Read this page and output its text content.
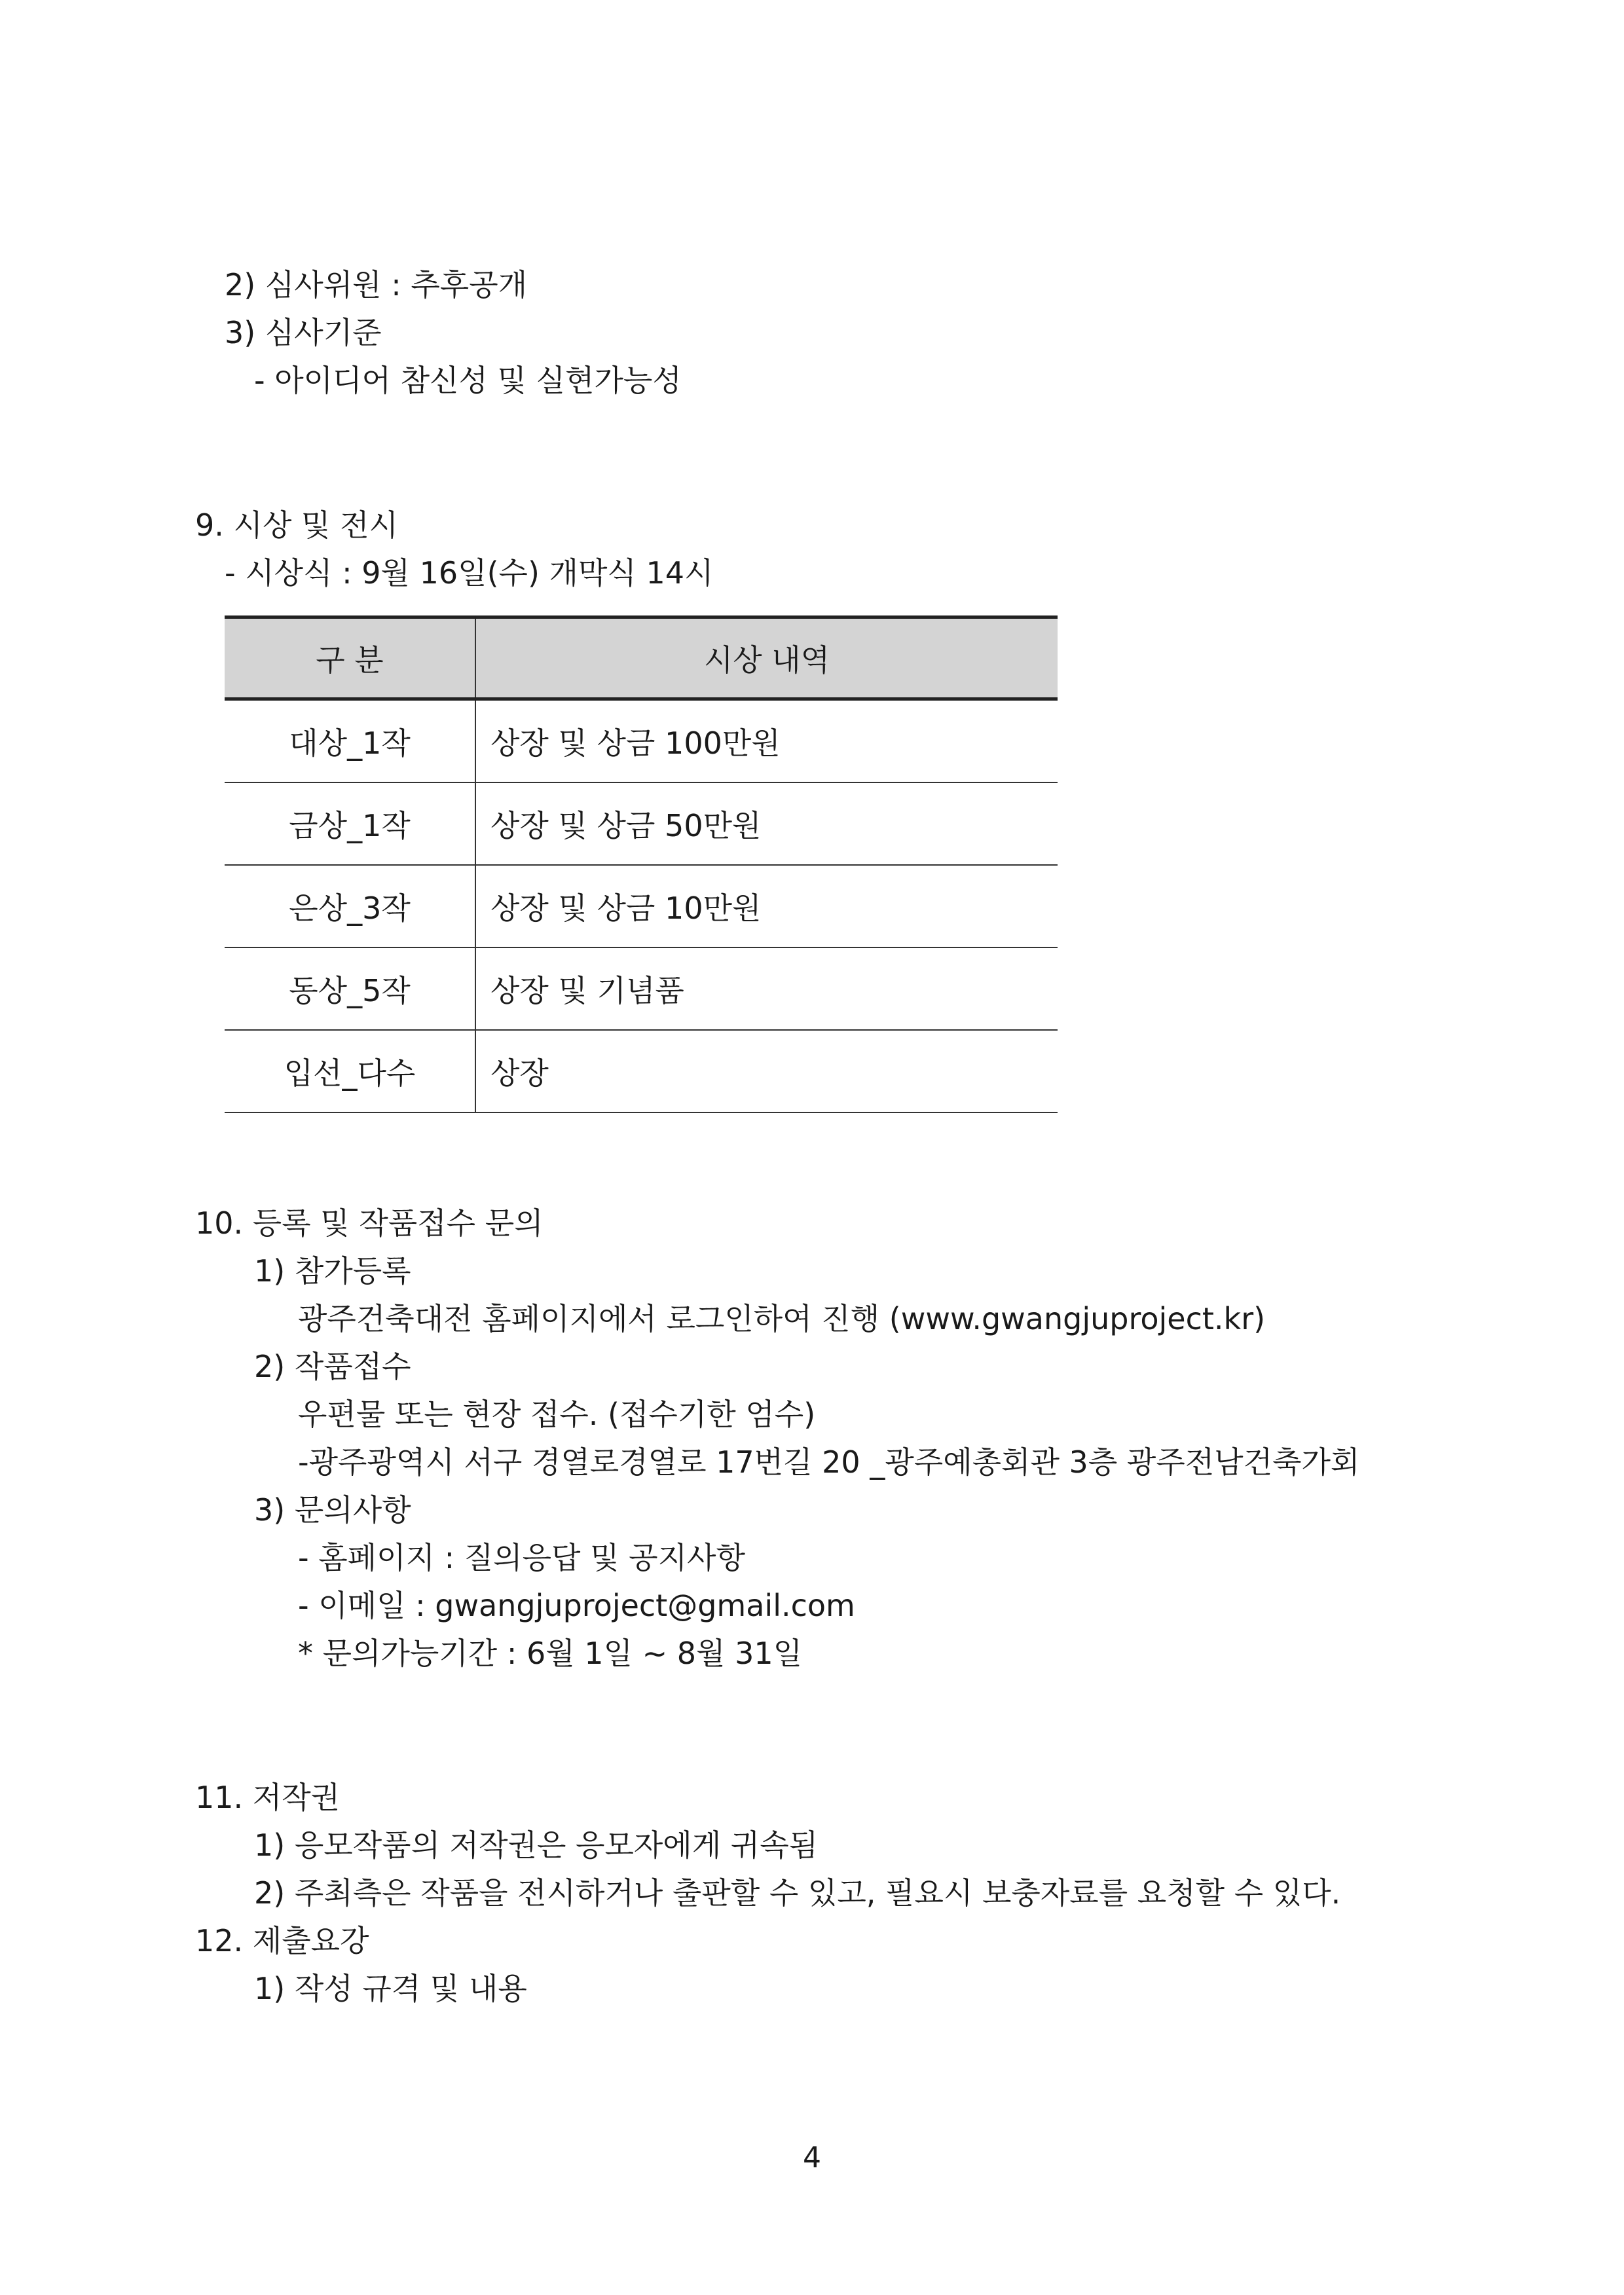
2) 심사위원 : 추후공개
3) 심사기준
- 아이디어 참신성 및 실현가능성
9. 시상 및 전시
- 시상식 : 9월 16일(수) 개막식 14시
구 분	시상 내역
대상_1작	상장 및 상금 100만원
금상_1작	상장 및 상금 50만원
은상_3작	상장 및 상금 10만원
동상_5작	상장 및 기념품
입선_다수	상장
10. 등록 및 작품접수 문의
1) 참가등록
광주건축대전 홈페이지에서 로그인하여 진행 (www.gwangjuproject.kr)
2) 작품접수
우편물 또는 현장 접수. (접수기한 엄수)
-광주광역시 서구 경열로경열로 17번길 20 _광주예총회관 3층 광주전남건축가회
3) 문의사항
- 홈페이지 : 질의응답 및 공지사항
- 이메일 : gwangjuproject@gmail.com
* 문의가능기간 : 6월 1일 ~ 8월 31일
11. 저작권
1) 응모작품의 저작권은 응모자에게 귀속됨
2) 주최측은 작품을 전시하거나 출판할 수 있고, 필요시 보충자료를 요청할 수 있다.
12. 제출요강
1) 작성 규격 및 내용
4
